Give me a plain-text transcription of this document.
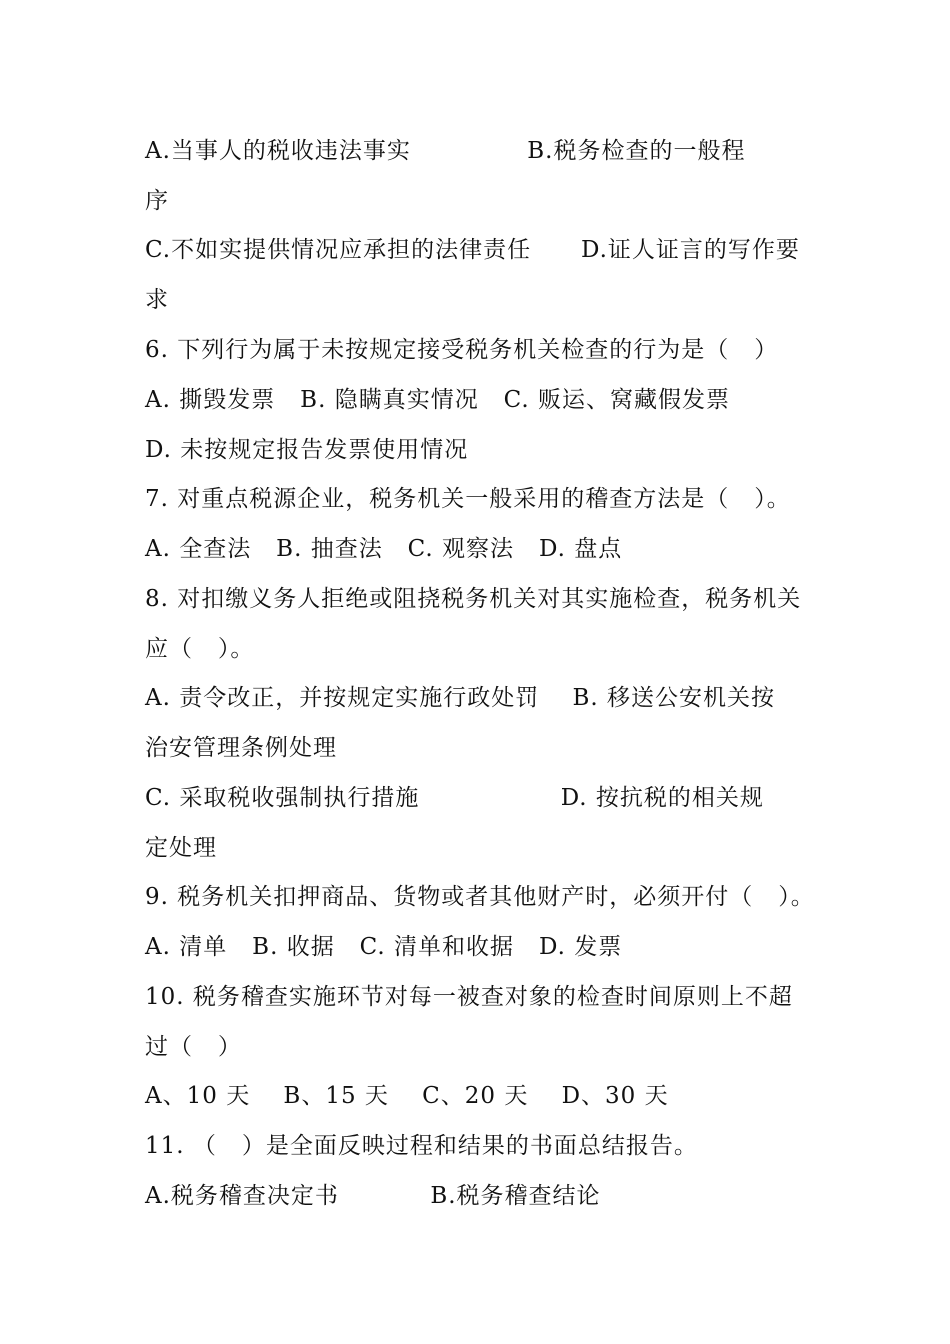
A.当事人的税收违法事实              B.税务检查的一般程
序
C.不如实提供情况应承担的法律责任      D.证人证言的写作要
求
6. 下列行为属于未按规定接受税务机关检查的行为是（   ）
A. 撕毁发票   B. 隐瞒真实情况   C. 贩运、窝藏假发票
D. 未按规定报告发票使用情况
7. 对重点税源企业，税务机关一般采用的稽查方法是（   ）。
A. 全查法   B. 抽查法   C. 观察法   D. 盘点
8. 对扣缴义务人拒绝或阻挠税务机关对其实施检查，税务机关
应（   ）。
A. 责令改正，并按规定实施行政处罚    B. 移送公安机关按
治安管理条例处理
C. 采取税收强制执行措施                 D. 按抗税的相关规
定处理
9. 税务机关扣押商品、货物或者其他财产时，必须开付（   ）。
A. 清单   B. 收据   C. 清单和收据   D. 发票
10. 税务稽查实施环节对每一被查对象的检查时间原则上不超
过（   ）
A、10 天    B、15 天    C、20 天    D、30 天
11. （   ）是全面反映过程和结果的书面总结报告。
A.税务稽查决定书           B.税务稽查结论
